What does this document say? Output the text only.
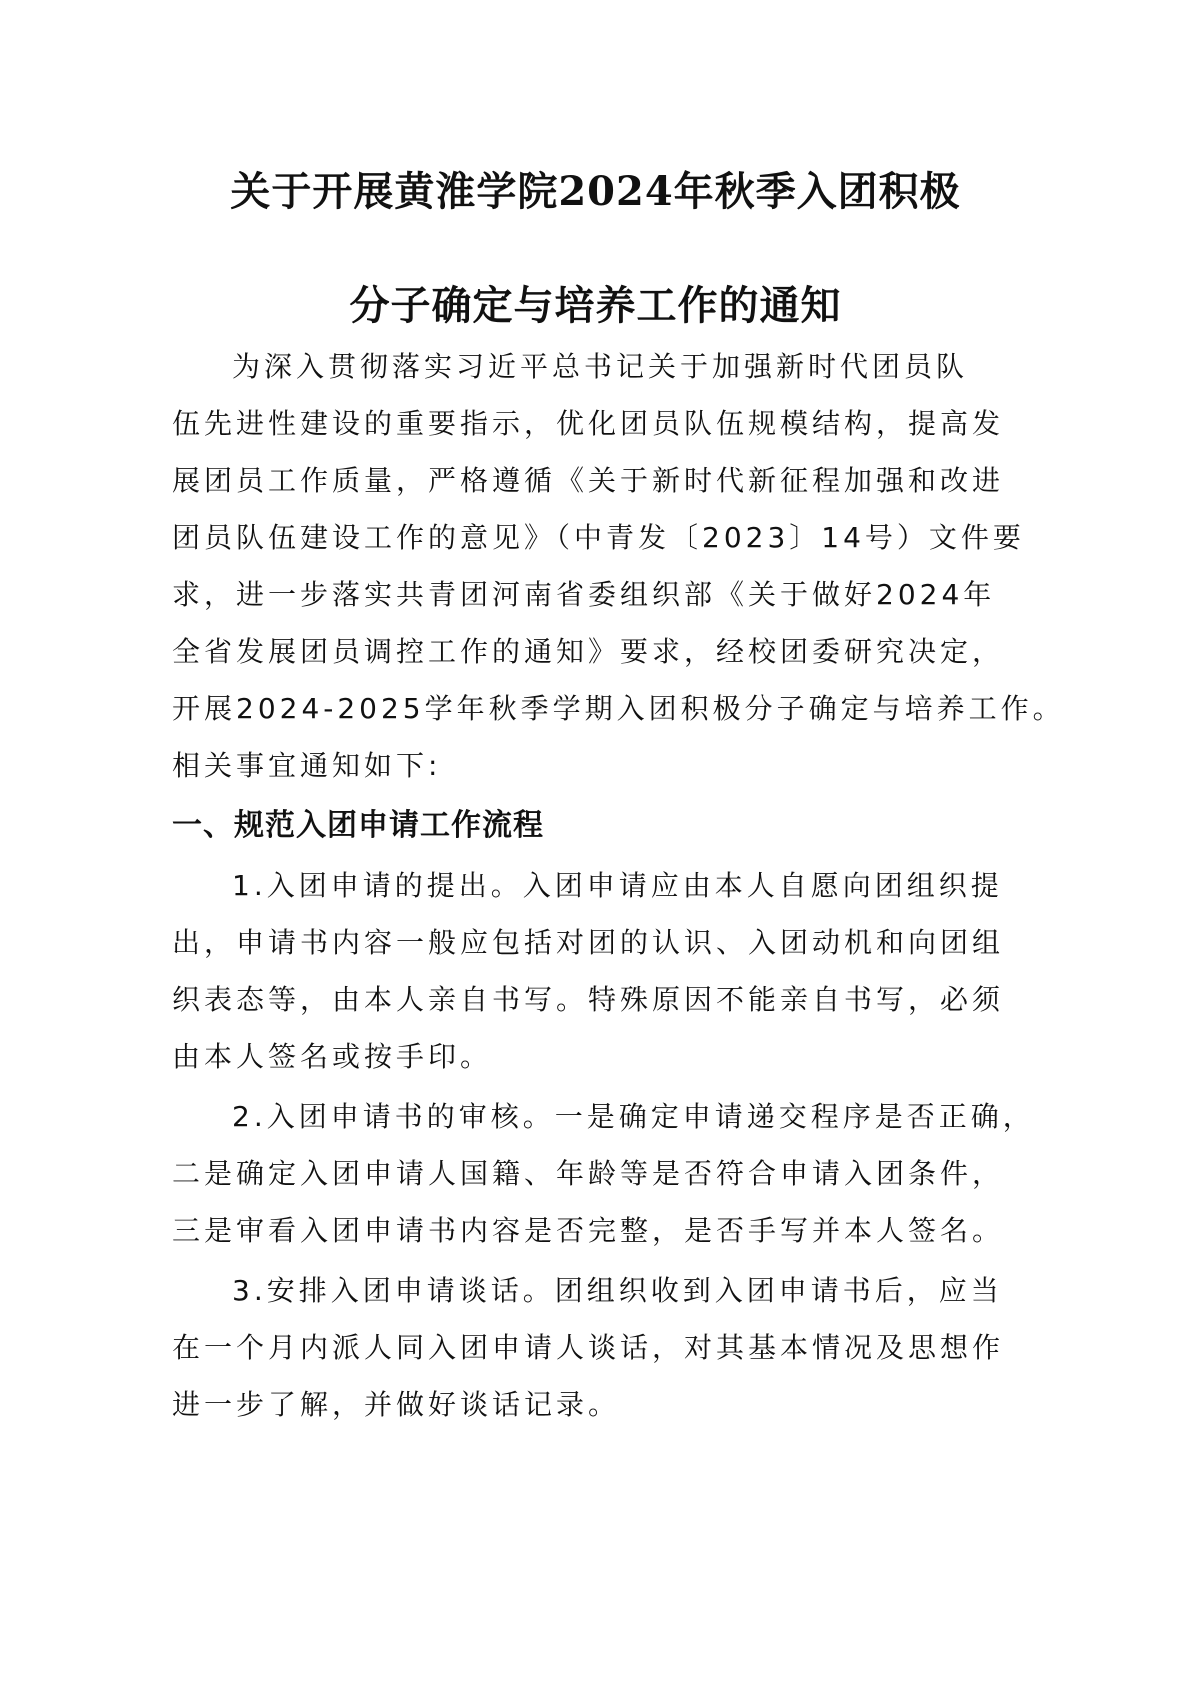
关于开展黄淮学院2024年秋季入团积极
分子确定与培养工作的通知
为深入贯彻落实习近平总书记关于加强新时代团员队
伍先进性建设的重要指示，优化团员队伍规模结构，提高发
展团员工作质量，严格遵循《关于新时代新征程加强和改进
团员队伍建设工作的意见》（中青发〔2023〕14号）文件要
求，进一步落实共青团河南省委组织部《关于做好2024年
全省发展团员调控工作的通知》要求，经校团委研究决定，
开展2024-2025学年秋季学期入团积极分子确定与培养工作。
相关事宜通知如下:
一、规范入团申请工作流程
1.入团申请的提出。入团申请应由本人自愿向团组织提
出，申请书内容一般应包括对团的认识、入团动机和向团组
织表态等，由本人亲自书写。特殊原因不能亲自书写，必须
由本人签名或按手印。
2.入团申请书的审核。一是确定申请递交程序是否正确，
二是确定入团申请人国籍、年龄等是否符合申请入团条件，
三是审看入团申请书内容是否完整，是否手写并本人签名。
3.安排入团申请谈话。团组织收到入团申请书后，应当
在一个月内派人同入团申请人谈话，对其基本情况及思想作
进一步了解，并做好谈话记录。
